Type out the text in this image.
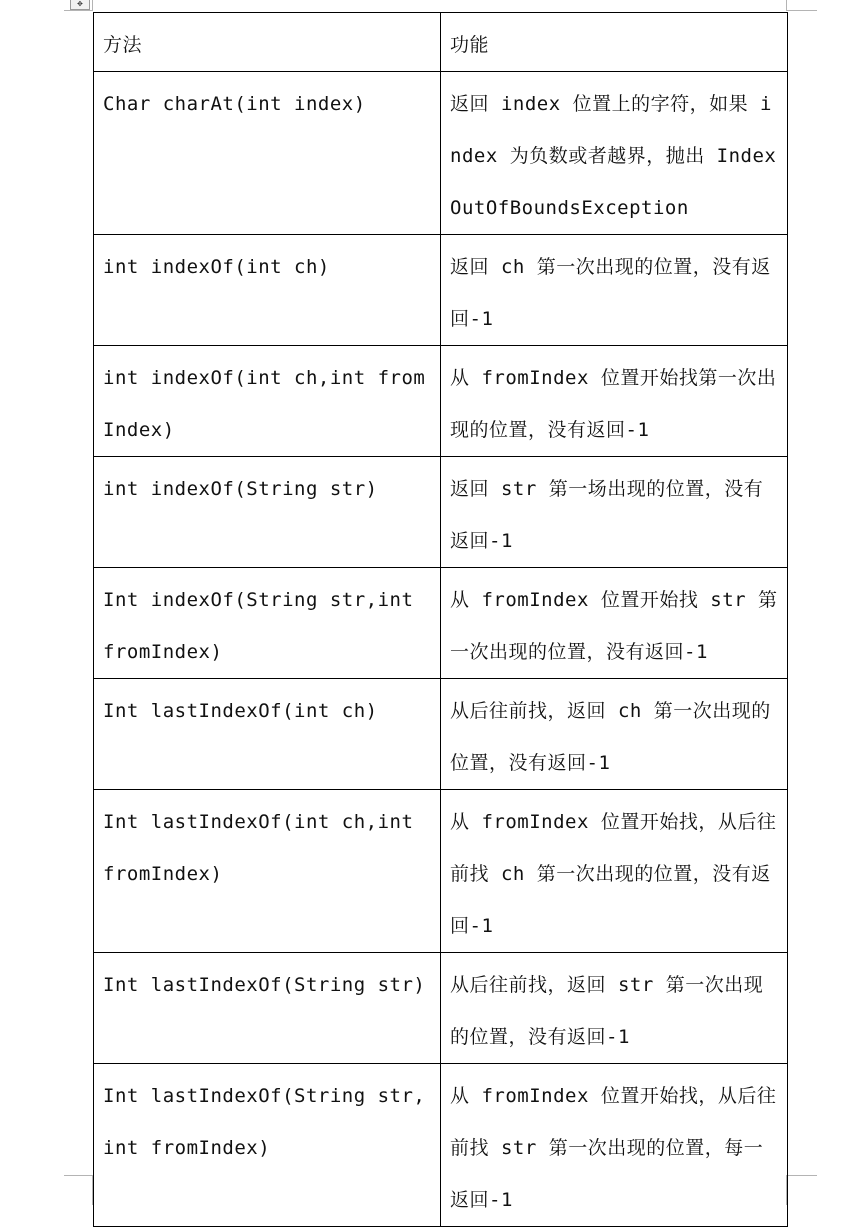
✥
方法	功能

Char charAt(int index)	返回 index 位置上的字符，如果 index 为负数或者越界，抛出 IndexOutOfBoundsException

int indexOf(int ch)	返回 ch 第一次出现的位置，没有返回-1

int indexOf(int ch,int fromIndex)	从 fromIndex 位置开始找第一次出现的位置，没有返回-1

int indexOf(String str)	返回 str 第一场出现的位置，没有返回-1

Int indexOf(String str,int fromIndex)	从 fromIndex 位置开始找 str 第一次出现的位置，没有返回-1

Int lastIndexOf(int ch)	从后往前找，返回 ch 第一次出现的位置，没有返回-1

Int lastIndexOf(int ch,int fromIndex)	从 fromIndex 位置开始找，从后往前找 ch 第一次出现的位置，没有返回-1

Int lastIndexOf(String str)	从后往前找，返回 str 第一次出现的位置，没有返回-1

Int lastIndexOf(String str,int fromIndex)	从 fromIndex 位置开始找，从后往前找 str 第一次出现的位置，每一返回-1
